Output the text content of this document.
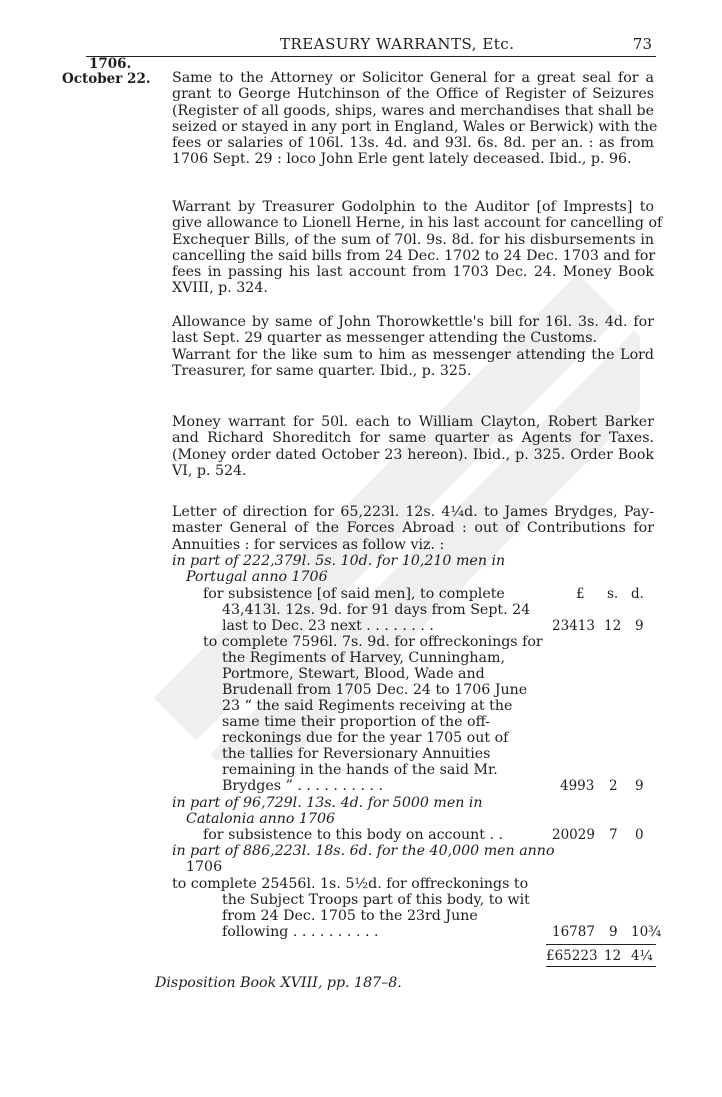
TREASURY WARRANTS, Etc.	73
1706.
October 22. Same to the Attorney or Solicitor General for a great seal for a
grant to George Hutchinson of the Office of Register of Seizures
(Register of all goods, ships, wares and merchandises that shall be
seized or stayed in any port in England, Wales or Berwick) with the
fees or salaries of 106l. 13s. 4d. and 93l. 6s. 8d. per an. : as from
1706 Sept. 29 : loco John Erle gent lately deceased. Ibid., p. 96.
Warrant by Treasurer Godolphin to the Auditor [of Imprests] to
give allowance to Lionell Herne, in his last account for cancelling of
Exchequer Bills, of the sum of 70l. 9s. 8d. for his disbursements in
cancelling the said bills from 24 Dec. 1702 to 24 Dec. 1703 and for
fees in passing his last account from 1703 Dec. 24. Money Book
XVIII, p. 324.
Allowance by same of John Thorowkettle's bill for 16l. 3s. 4d. for
last Sept. 29 quarter as messenger attending the Customs.
Warrant for the like sum to him as messenger attending the Lord
Treasurer, for same quarter. Ibid., p. 325.
Money warrant for 50l. each to William Clayton, Robert Barker
and Richard Shoreditch for same quarter as Agents for Taxes.
(Money order dated October 23 hereon). Ibid., p. 325. Order Book
VI, p. 524.
Letter of direction for 65,223l. 12s. 4¼d. to James Brydges, Pay-
master General of the Forces Abroad : out of Contributions for
Annuities : for services as follow viz. :
in part of 222,379l. 5s. 10d. for 10,210 men in
Portugal anno 1706
£ s. d.
for subsistence [of said men], to complete
43,413l. 12s. 9d. for 91 days from Sept. 24
last to Dec. 23 next . . . . . . . .	23413 12 9
to complete 7596l. 7s. 9d. for offreckonings for
the Regiments of Harvey, Cunningham,
Portmore, Stewart, Blood, Wade and
Brudenall from 1705 Dec. 24 to 1706 June
23 “ the said Regiments receiving at the
same time their proportion of the off-
reckonings due for the year 1705 out of
the tallies for Reversionary Annuities
remaining in the hands of the said Mr.
Brydges ” . . . . . . . . . .	4993 2 9
in part of 96,729l. 13s. 4d. for 5000 men in
Catalonia anno 1706
for subsistence to this body on account . .	20029 7 0
in part of 886,223l. 18s. 6d. for the 40,000 men anno
1706
to complete 25456l. 1s. 5½d. for offreckonings to
the Subject Troops part of this body, to wit
from 24 Dec. 1705 to the 23rd June
following . . . . . . . . . .	16787 9 10¾
£65223 12 4¼
Disposition Book XVIII, pp. 187–8.
